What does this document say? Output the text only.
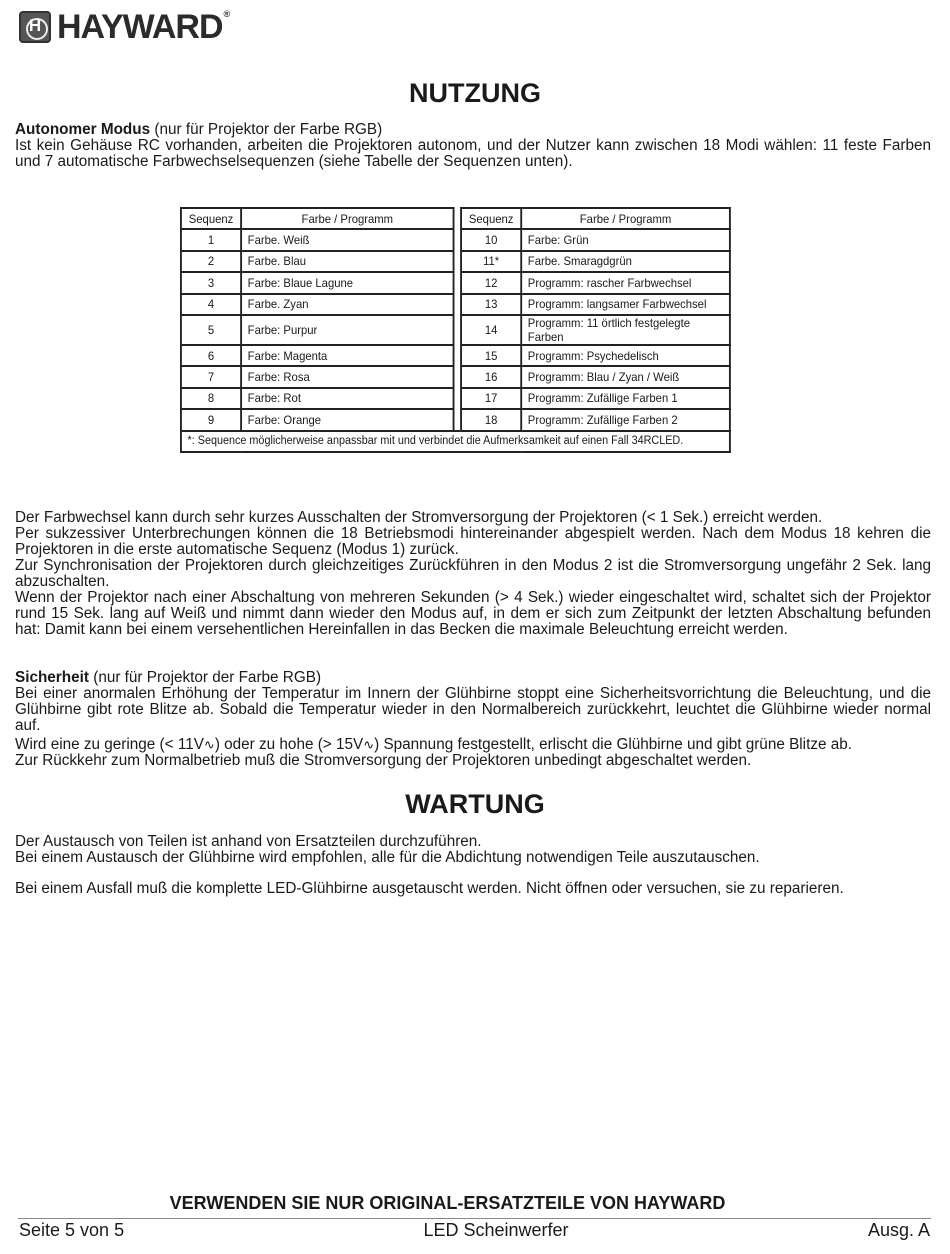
H
HAYWARD®
NUTZUNG

Autonomer Modus (nur für Projektor der Farbe RGB)

Ist kein Gehäuse RC vorhanden, arbeiten die Projektoren autonom, und der Nutzer kann zwischen 18 Modi wählen: 11 feste Farben und 7 automatische Farbwechselsequenzen (siehe Tabelle der Sequenzen unten).

Sequenz	Farbe / Programm		Sequenz	Farbe / Programm
1	Farbe. Weiß		10	Farbe: Grün
2	Farbe. Blau		11*	Farbe. Smaragdgrün
3	Farbe: Blaue Lagune		12	Programm: rascher Farbwechsel
4	Farbe. Zyan		13	Programm: langsamer Farbwechsel
5	Farbe: Purpur		14	Programm: 11 örtlich festgelegte Farben
6	Farbe: Magenta		15	Programm: Psychedelisch
7	Farbe: Rosa		16	Programm: Blau / Zyan / Weiß
8	Farbe: Rot		17	Programm: Zufällige Farben 1
9	Farbe: Orange		18	Programm: Zufällige Farben 2
*: Sequence möglicherweise anpassbar mit und verbindet die Aufmerksamkeit auf einen Fall 34RCLED.				

Der Farbwechsel kann durch sehr kurzes Ausschalten der Stromversorgung der Projektoren (< 1 Sek.) erreicht werden.

Per sukzessiver Unterbrechungen können die 18 Betriebsmodi hintereinander abgespielt werden. Nach dem Modus 18 kehren die Projektoren in die erste automatische Sequenz (Modus 1) zurück.

Zur Synchronisation der Projektoren durch gleichzeitiges Zurückführen in den Modus 2 ist die Stromversorgung ungefähr 2 Sek. lang abzuschalten.

Wenn der Projektor nach einer Abschaltung von mehreren Sekunden (> 4 Sek.) wieder eingeschaltet wird, schaltet sich der Projektor rund 15 Sek. lang auf Weiß und nimmt dann wieder den Modus auf, in dem er sich zum Zeitpunkt der letzten Abschaltung befunden hat: Damit kann bei einem versehentlichen Hereinfallen in das Becken die maximale Beleuchtung erreicht werden.

Sicherheit (nur für Projektor der Farbe RGB)

Bei einer anormalen Erhöhung der Temperatur im Innern der Glühbirne stoppt eine Sicherheitsvorrichtung die Beleuchtung, und die Glühbirne gibt rote Blitze ab. Sobald die Temperatur wieder in den Normalbereich zurückkehrt, leuchtet die Glühbirne wieder normal auf.

Wird eine zu geringe (< 11V∿) oder zu hohe (> 15V∿) Spannung festgestellt, erlischt die Glühbirne und gibt grüne Blitze ab.

Zur Rückkehr zum Normalbetrieb muß die Stromversorgung der Projektoren unbedingt abgeschaltet werden.

WARTUNG

Der Austausch von Teilen ist anhand von Ersatzteilen durchzuführen.

Bei einem Austausch der Glühbirne wird empfohlen, alle für die Abdichtung notwendigen Teile auszutauschen.

Bei einem Ausfall muß die komplette LED-Glühbirne ausgetauscht werden. Nicht öffnen oder versuchen, sie zu reparieren.

VERWENDEN SIE NUR ORIGINAL-ERSATZTEILE VON HAYWARD
Seite 5 von 5	LED Scheinwerfer	Ausg. A
